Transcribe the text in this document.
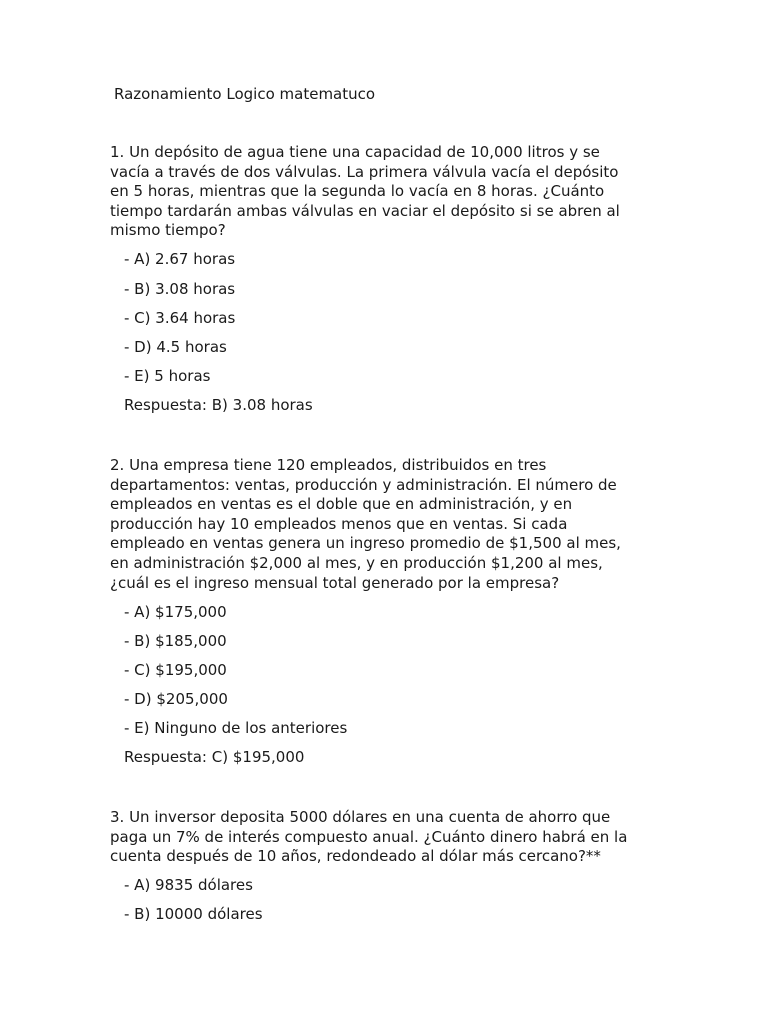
Razonamiento Logico matematuco

1. Un depósito de agua tiene una capacidad de 10,000 litros y se
vacía a través de dos válvulas. La primera válvula vacía el depósito
en 5 horas, mientras que la segunda lo vacía en 8 horas. ¿Cuánto
tiempo tardarán ambas válvulas en vaciar el depósito si se abren al
mismo tiempo?

- A) 2.67 horas
- B) 3.08 horas
- C) 3.64 horas
- D) 4.5 horas
- E) 5 horas

Respuesta: B) 3.08 horas

2. Una empresa tiene 120 empleados, distribuidos en tres
departamentos: ventas, producción y administración. El número de
empleados en ventas es el doble que en administración, y en
producción hay 10 empleados menos que en ventas. Si cada
empleado en ventas genera un ingreso promedio de $1,500 al mes,
en administración $2,000 al mes, y en producción $1,200 al mes,
¿cuál es el ingreso mensual total generado por la empresa?

- A) $175,000
- B) $185,000
- C) $195,000
- D) $205,000
- E) Ninguno de los anteriores

Respuesta: C) $195,000

3. Un inversor deposita 5000 dólares en una cuenta de ahorro que
paga un 7% de interés compuesto anual. ¿Cuánto dinero habrá en la
cuenta después de 10 años, redondeado al dólar más cercano?**

- A) 9835 dólares
- B) 10000 dólares
